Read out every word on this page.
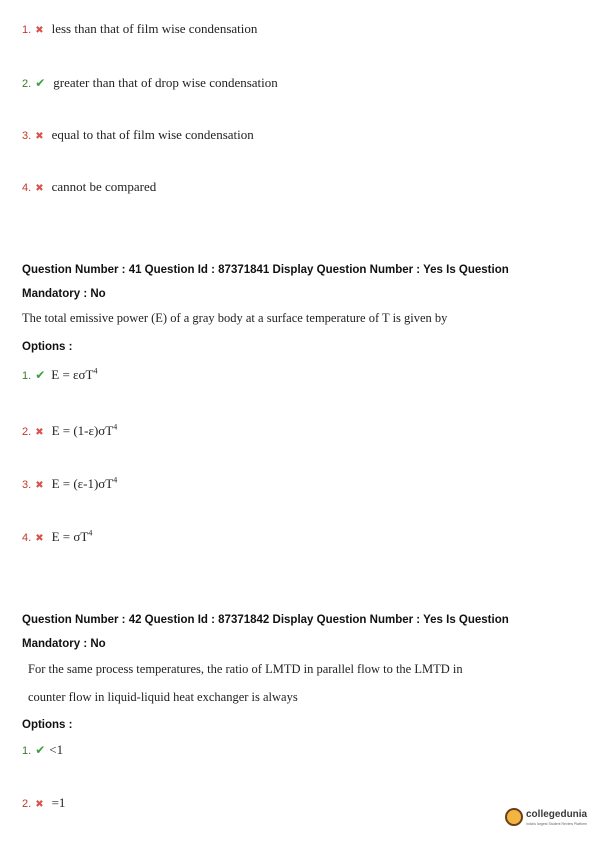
1. ✖ less than that of film wise condensation
2. ✔ greater than that of drop wise condensation
3. ✖ equal to that of film wise condensation
4. ✖ cannot be compared
Question Number : 41 Question Id : 87371841 Display Question Number : Yes Is Question
Mandatory : No
The total emissive power (E) of a gray body at a surface temperature of T is given by
Options :
1. ✔ E = εσT$^4$
2. ✖ $E = (1-\varepsilon)\sigma T^4$
3. ✖ $E = (\varepsilon-1)\sigma T^4$
4. ✖ $E = \sigma T^4$
Question Number : 42 Question Id : 87371842 Display Question Number : Yes Is Question
Mandatory : No
For the same process temperatures, the ratio of LMTD in parallel flow to the LMTD in
counter flow in liquid-liquid heat exchanger is always
Options :
1. ✔ <1
2. ✖ =1
collegedunia
India's largest Student Review Platform
